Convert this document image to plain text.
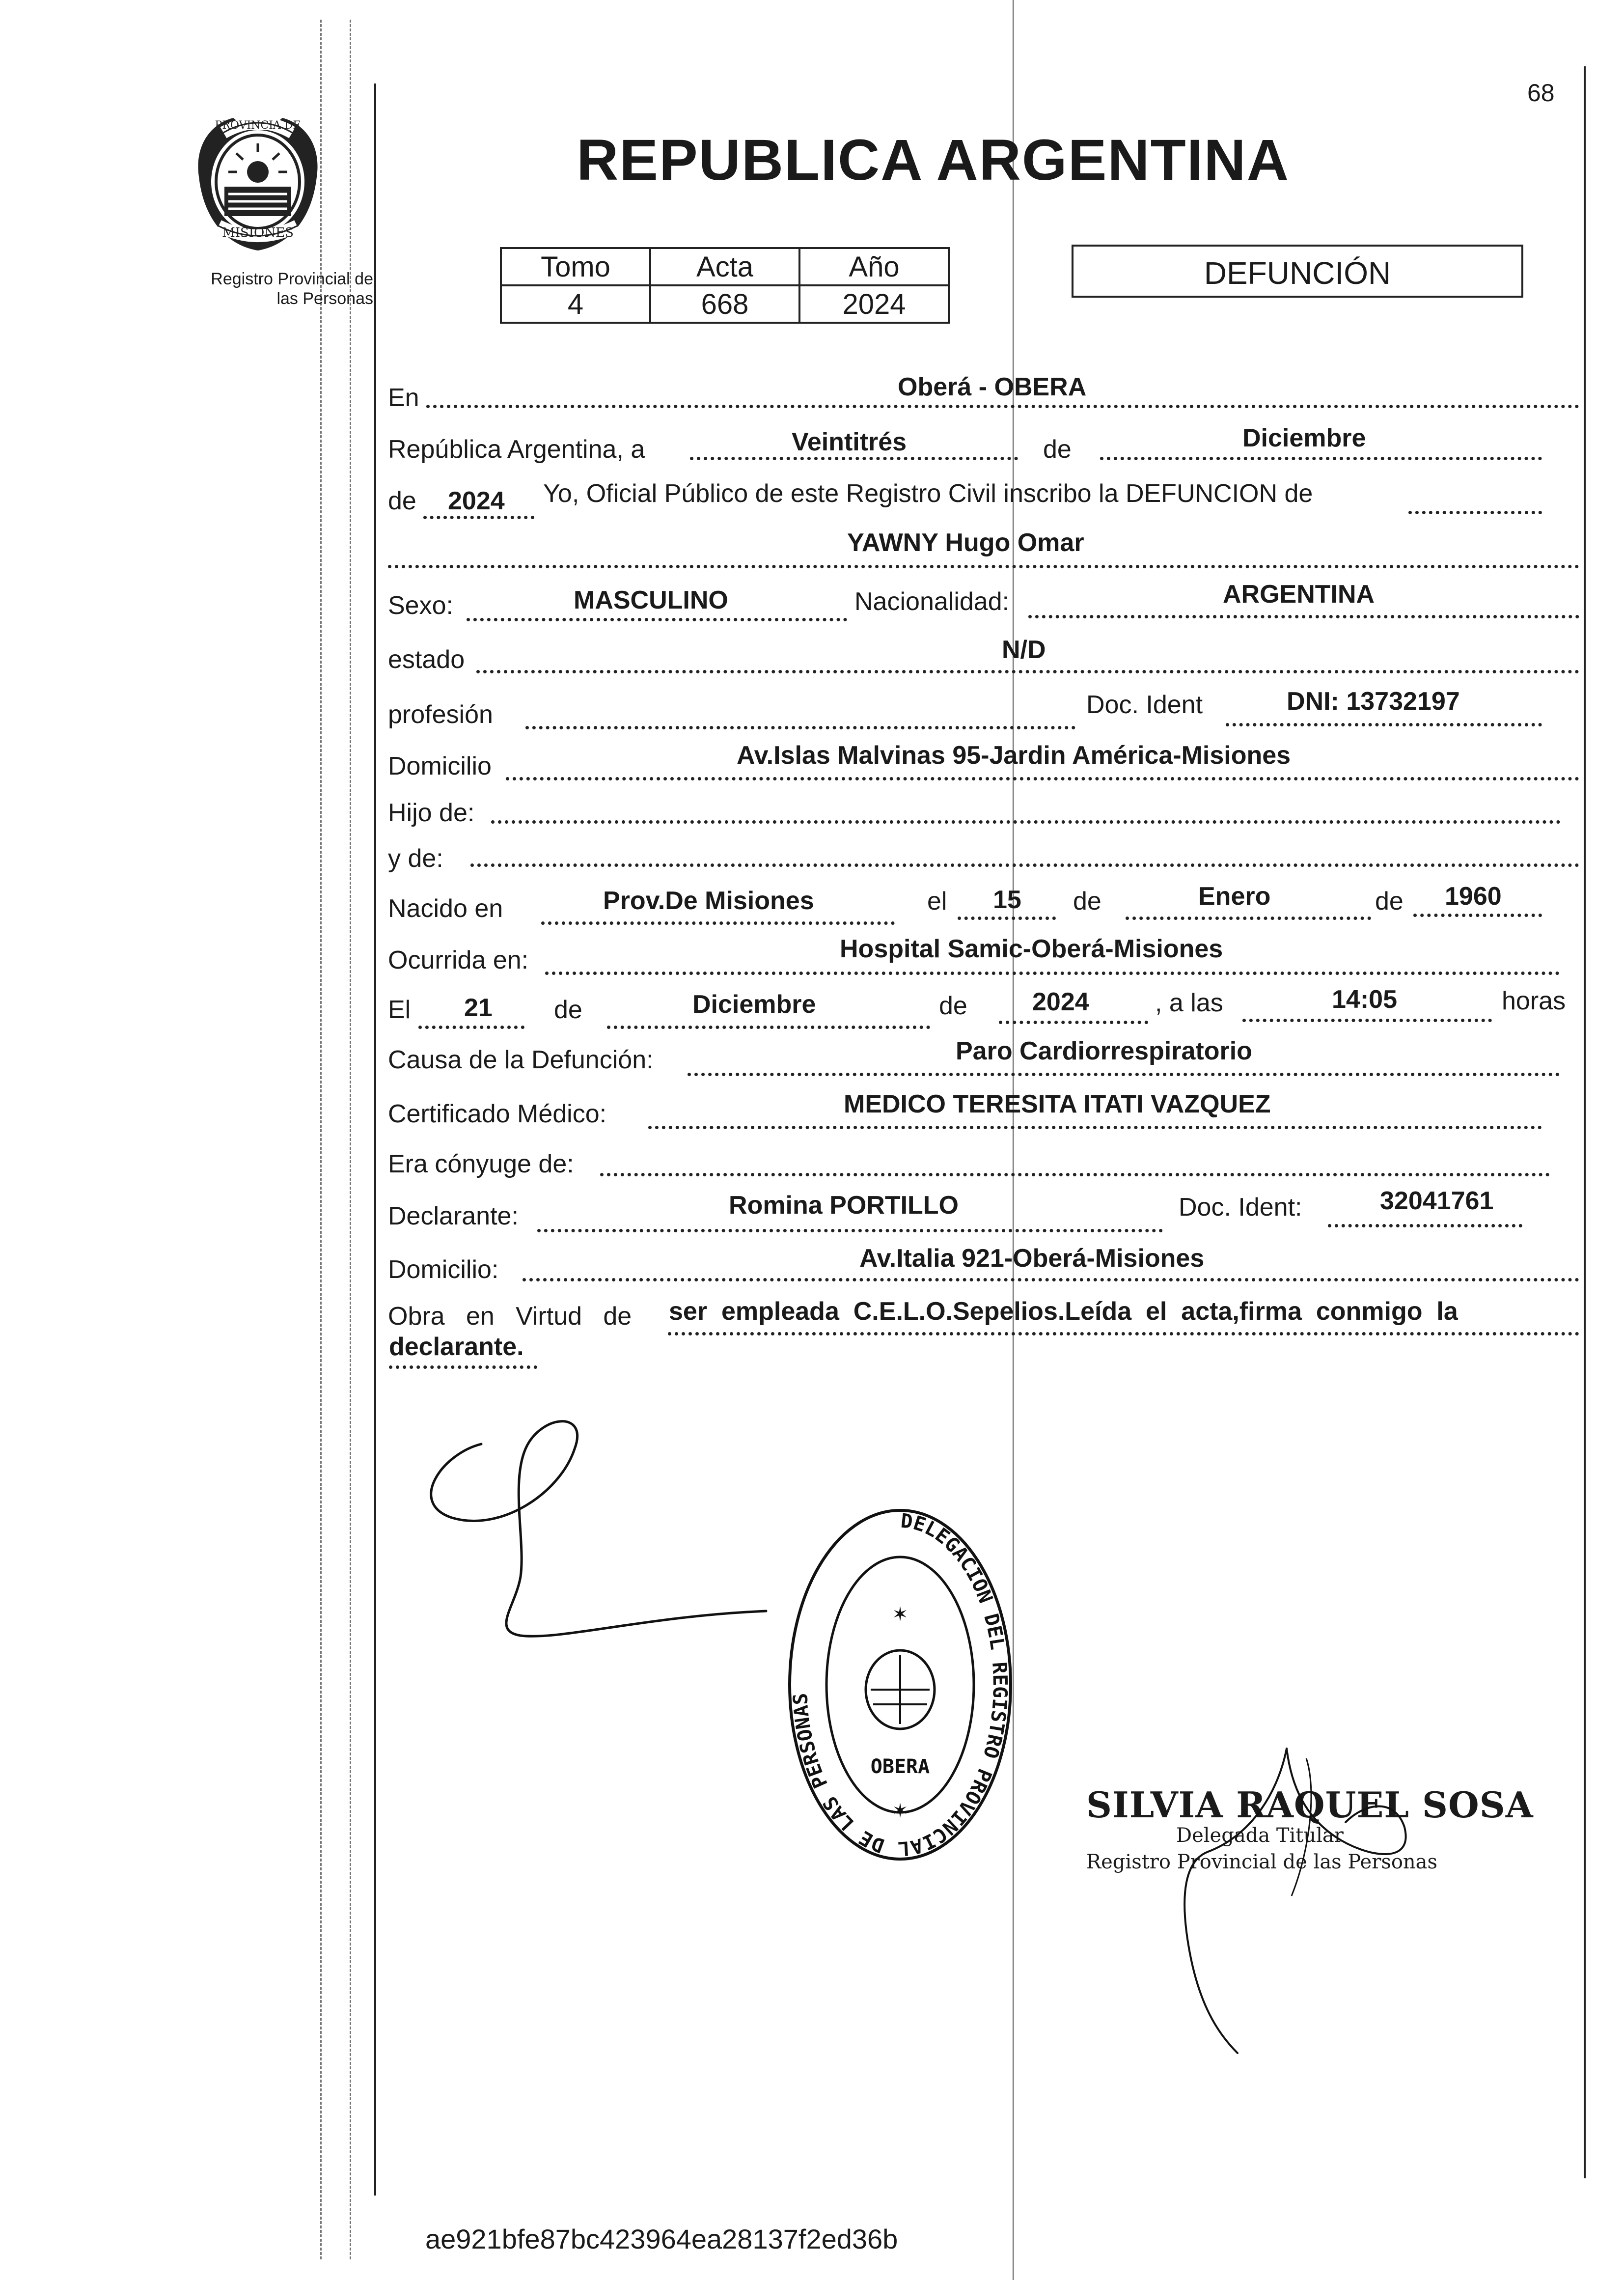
PROVINCIA DE
MISIONES
Registro Provincial de
las Personas
68
REPUBLICA ARGENTINA
Tomo	Acta	Año
4	668	2024
DEFUNCIÓN
En	Oberá - OBERA
República Argentina, a	Veintitrés	de	Diciembre
de 2024 Yo, Oficial Público de este Registro Civil inscribo la DEFUNCION de
YAWNY Hugo Omar
Sexo:	MASCULINO	Nacionalidad:	ARGENTINA
estado	N/D
profesión	Doc. Ident	DNI: 13732197
Domicilio	Av.Islas Malvinas 95-Jardin América-Misiones
Hijo de:
y de:
Nacido en	Prov.De Misiones	el 15 de	Enero	de 1960
Ocurrida en:	Hospital Samic-Oberá-Misiones
El 21 de	Diciembre	de	2024	, a las	14:05	horas
Causa de la Defunción:	Paro Cardiorrespiratorio
Certificado Médico:	MEDICO TERESITA ITATI VAZQUEZ
Era cónyuge de:
Declarante:	Romina PORTILLO	Doc. Ident:	32041761
Domicilio:	Av.Italia 921-Oberá-Misiones
Obra   en   Virtud   de ser  empleada  C.E.L.O.Sepelios.Leída  el  acta,firma  conmigo  la
declarante.
DELEGACION DEL REGISTRO PROVINCIAL DE LAS PERSONAS
✶
OBERA
✶	SILVIA RAQUEL SOSA
Delegada Titular
Registro Provincial de las Personas
ae921bfe87bc423964ea28137f2ed36b
